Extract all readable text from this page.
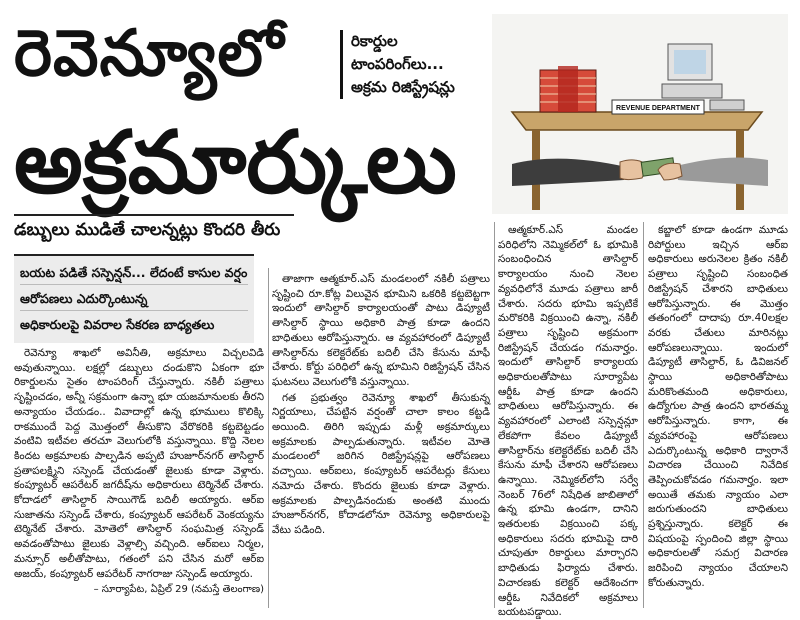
రెవెన్యూలో
అక్రమార్కులు
రికార్డుల
టాంపరింగ్‌లు...
అక్రమ రిజిస్ట్రేషన్లు
REVENUE DEPARTMENT
డబ్బులు ముడితే చాలన్నట్లు కొందరి తీరు
బయట పడితే సస్పెన్షన్‌... లేదంటే కాసుల వర్షం
ఆరోపణలు ఎదుర్కొంటున్న
అధికారులపై వివరాల సేకరణ బాధ్యతలు

రెవెన్యూ శాఖలో అవినీతి, అక్రమాలు విచ్చలవిడి అవుతున్నాయి. లక్షల్లో డబ్బులు దండుకొని ఏకంగా భూ రికార్డులను సైతం టాంపరింగ్‌ చేస్తున్నారు. నకిలీ పత్రాలు సృష్టించడం, అన్నీ సక్రమంగా ఉన్నా భూ యజమానులకు తీరని అన్యాయం చేయడం.. వివాదాల్లో ఉన్న భూములు కొలిక్కి రాకముందే పెద్ద మొత్తంలో తీసుకొని వేరొకరికి కట్టబెట్టడం వంటివి ఇటీవల తరచూ వెలుగులోకి వస్తున్నాయి. కొద్ది నెలల కిందట అక్రమాలకు పాల్పడిన అప్పటి హుజూర్‌నగర్‌ తాసిల్దార్‌ ప్రతాపలక్ష్మిని సస్పెండ్‌ చేయడంతో జైలుకు కూడా వెళ్లారు. కంప్యూటర్‌ ఆపరేటర్‌ జగదీష్‌ను అధికారులు టెర్మినేట్‌ చేశారు. కోదాడలో తాసిల్దార్‌ సాయిగౌడ్‌ బదిలీ అయ్యారు. ఆర్‌ఐ సుజాతను సస్పెండ్‌ చేశారు, కంప్యూటర్‌ ఆపరేటర్‌ వెంకయ్యను టెర్మినేట్‌ చేశారు. మోతెలో తాసిల్దార్‌ సంఘమిత్ర సస్పెండ్‌ అవడంతోపాటు జైలుకు వెళ్లాల్సి వచ్చింది. ఆర్‌ఐలు నిర్మల, మన్సూర్‌ అలీతోపాటు, గతంలో పని చేసిన మరో ఆర్‌ఐ అజయ్‌, కంప్యూటర్‌ ఆపరేటర్‌ నాగరాజు సస్పెండ్‌ అయ్యారు.

– సూర్యాపేట, ఏప్రిల్‌ 29 (నమస్తే తెలంగాణ)

తాజాగా ఆత్మకూర్‌.ఎస్‌ మండలంలో నకిలీ పత్రాలు సృష్టించి రూ.కోట్ల విలువైన భూమిని ఒకరికి కట్టబెట్టగా ఇందులో తాసిల్దార్‌ కార్యాలయంతో పాటు డిప్యూటీ తాసిల్దార్‌ స్థాయి అధికారి పాత్ర కూడా ఉందని బాధితులు ఆరోపిస్తున్నారు. ఆ వ్యవహారంలో డిప్యూటీ తాసిల్దార్‌ను కలెక్టరేట్‌కు బదిలీ చేసి కేసును మాఫీ చేశారు. కోర్టు పరిధిలో ఉన్న భూమిని రిజిస్ట్రేషన్‌ చేసిన ఘటనలు వెలుగులోకి వస్తున్నాయి.

గత ప్రభుత్వం రెవెన్యూ శాఖలో తీసుకున్న నిర్ణయాలు, చేపట్టిన వర్షంతో చాలా కాలం కట్టడి అయింది. తిరిగి ఇప్పుడు మళ్లీ అక్రమార్కులు అక్రమాలకు పాల్పడుతున్నారు. ఇటీవల మోతె మండలంలో జరిగిన రిజిస్ట్రేషన్లపై ఆరోపణలు వచ్చాయి. ఆర్‌ఐలు, కంప్యూటర్‌ ఆపరేటర్లు కేసులు నమోదు చేశారు. కొందరు జైలుకు కూడా వెళ్లారు. అక్రమాలకు పాల్పడినందుకు అంతటి ముందు హుజూర్‌నగర్‌, కోదాడలోనూ రెవెన్యూ అధికారులపై వేటు పడింది.

ఆత్మకూర్‌.ఎస్‌ మండల పరిధిలోని నెమ్మికల్‌లో ఓ భూమికి సంబంధించిన తాసిల్దార్‌ కార్యాలయం నుంచి నెలల వ్యవధిలోనే మూడు పత్రాలు జారీ చేశారు. సదరు భూమి ఇప్పటికే మరొకరికి విక్రయించి ఉన్నా, నకిలీ పత్రాలు సృష్టించి అక్రమంగా రిజిస్ట్రేషన్‌ చేయడం గమనార్హం. ఇందులో తాసిల్దార్‌ కార్యాలయ అధికారులతోపాటు సూర్యాపేట ఆర్డీఓ పాత్ర కూడా ఉందని బాధితులు ఆరోపిస్తున్నారు. ఈ వ్యవహారంలో ఎలాంటి సస్పెన్షన్లూ లేకపోగా కేవలం డిప్యూటీ తాసిల్దార్‌ను కలెక్టరేట్‌కు బదిలీ చేసి కేసును మాఫీ చేశారని ఆరోపణలు ఉన్నాయి. నెమ్మికల్‌లోని సర్వే నెంబర్‌ 76లో నిషేధిత జాబితాలో ఉన్న భూమి ఉండగా, దానిని ఇతరులకు విక్రయించి పక్క అధికారులు సదరు భూమిపై దారి చూపుతూ రికార్డులు మార్చారని బాధితుడు ఫిర్యాదు చేశారు. విచారణకు కలెక్టర్‌ ఆదేశించగా ఆర్డీఓ నివేదికలో అక్రమాలు బయటపడ్డాయి.

కబ్జాలో కూడా ఉండగా మూడు రిపోర్టులు ఇచ్చిన ఆర్‌ఐ అధికారులు అరునెలల క్రితం నకిలీ పత్రాలు సృష్టించి సంబంధిత రిజిస్ట్రేషన్‌ చేశారని బాధితులు ఆరోపిస్తున్నారు. ఈ మొత్తం తతంగంలో దాదాపు రూ.40లక్షల వరకు చేతులు మారినట్లు ఆరోపణలున్నాయి. ఇందులో డిప్యూటీ తాసిల్దార్‌, ఓ డివిజనల్‌ స్థాయి అధికారితోపాటు మరికొంతమంది అధికారులు, ఉద్యోగుల పాత్ర ఉందని భారతమ్మ ఆరోపిస్తున్నారు. కాగా, ఈ వ్యవహారంపై ఆరోపణలు ఎదుర్కొంటున్న అధికారి ద్వారానే విచారణ చేయించి నివేదిక తెప్పించుకోవడం గమనార్హం. ఇలా అయితే తమకు న్యాయం ఎలా జరుగుతుందని బాధితులు ప్రశ్నిస్తున్నారు. కలెక్టర్‌ ఈ విషయంపై స్పందించి జిల్లా స్థాయి అధికారులతో సమగ్ర విచారణ జరిపించి న్యాయం చేయాలని కోరుతున్నారు.
